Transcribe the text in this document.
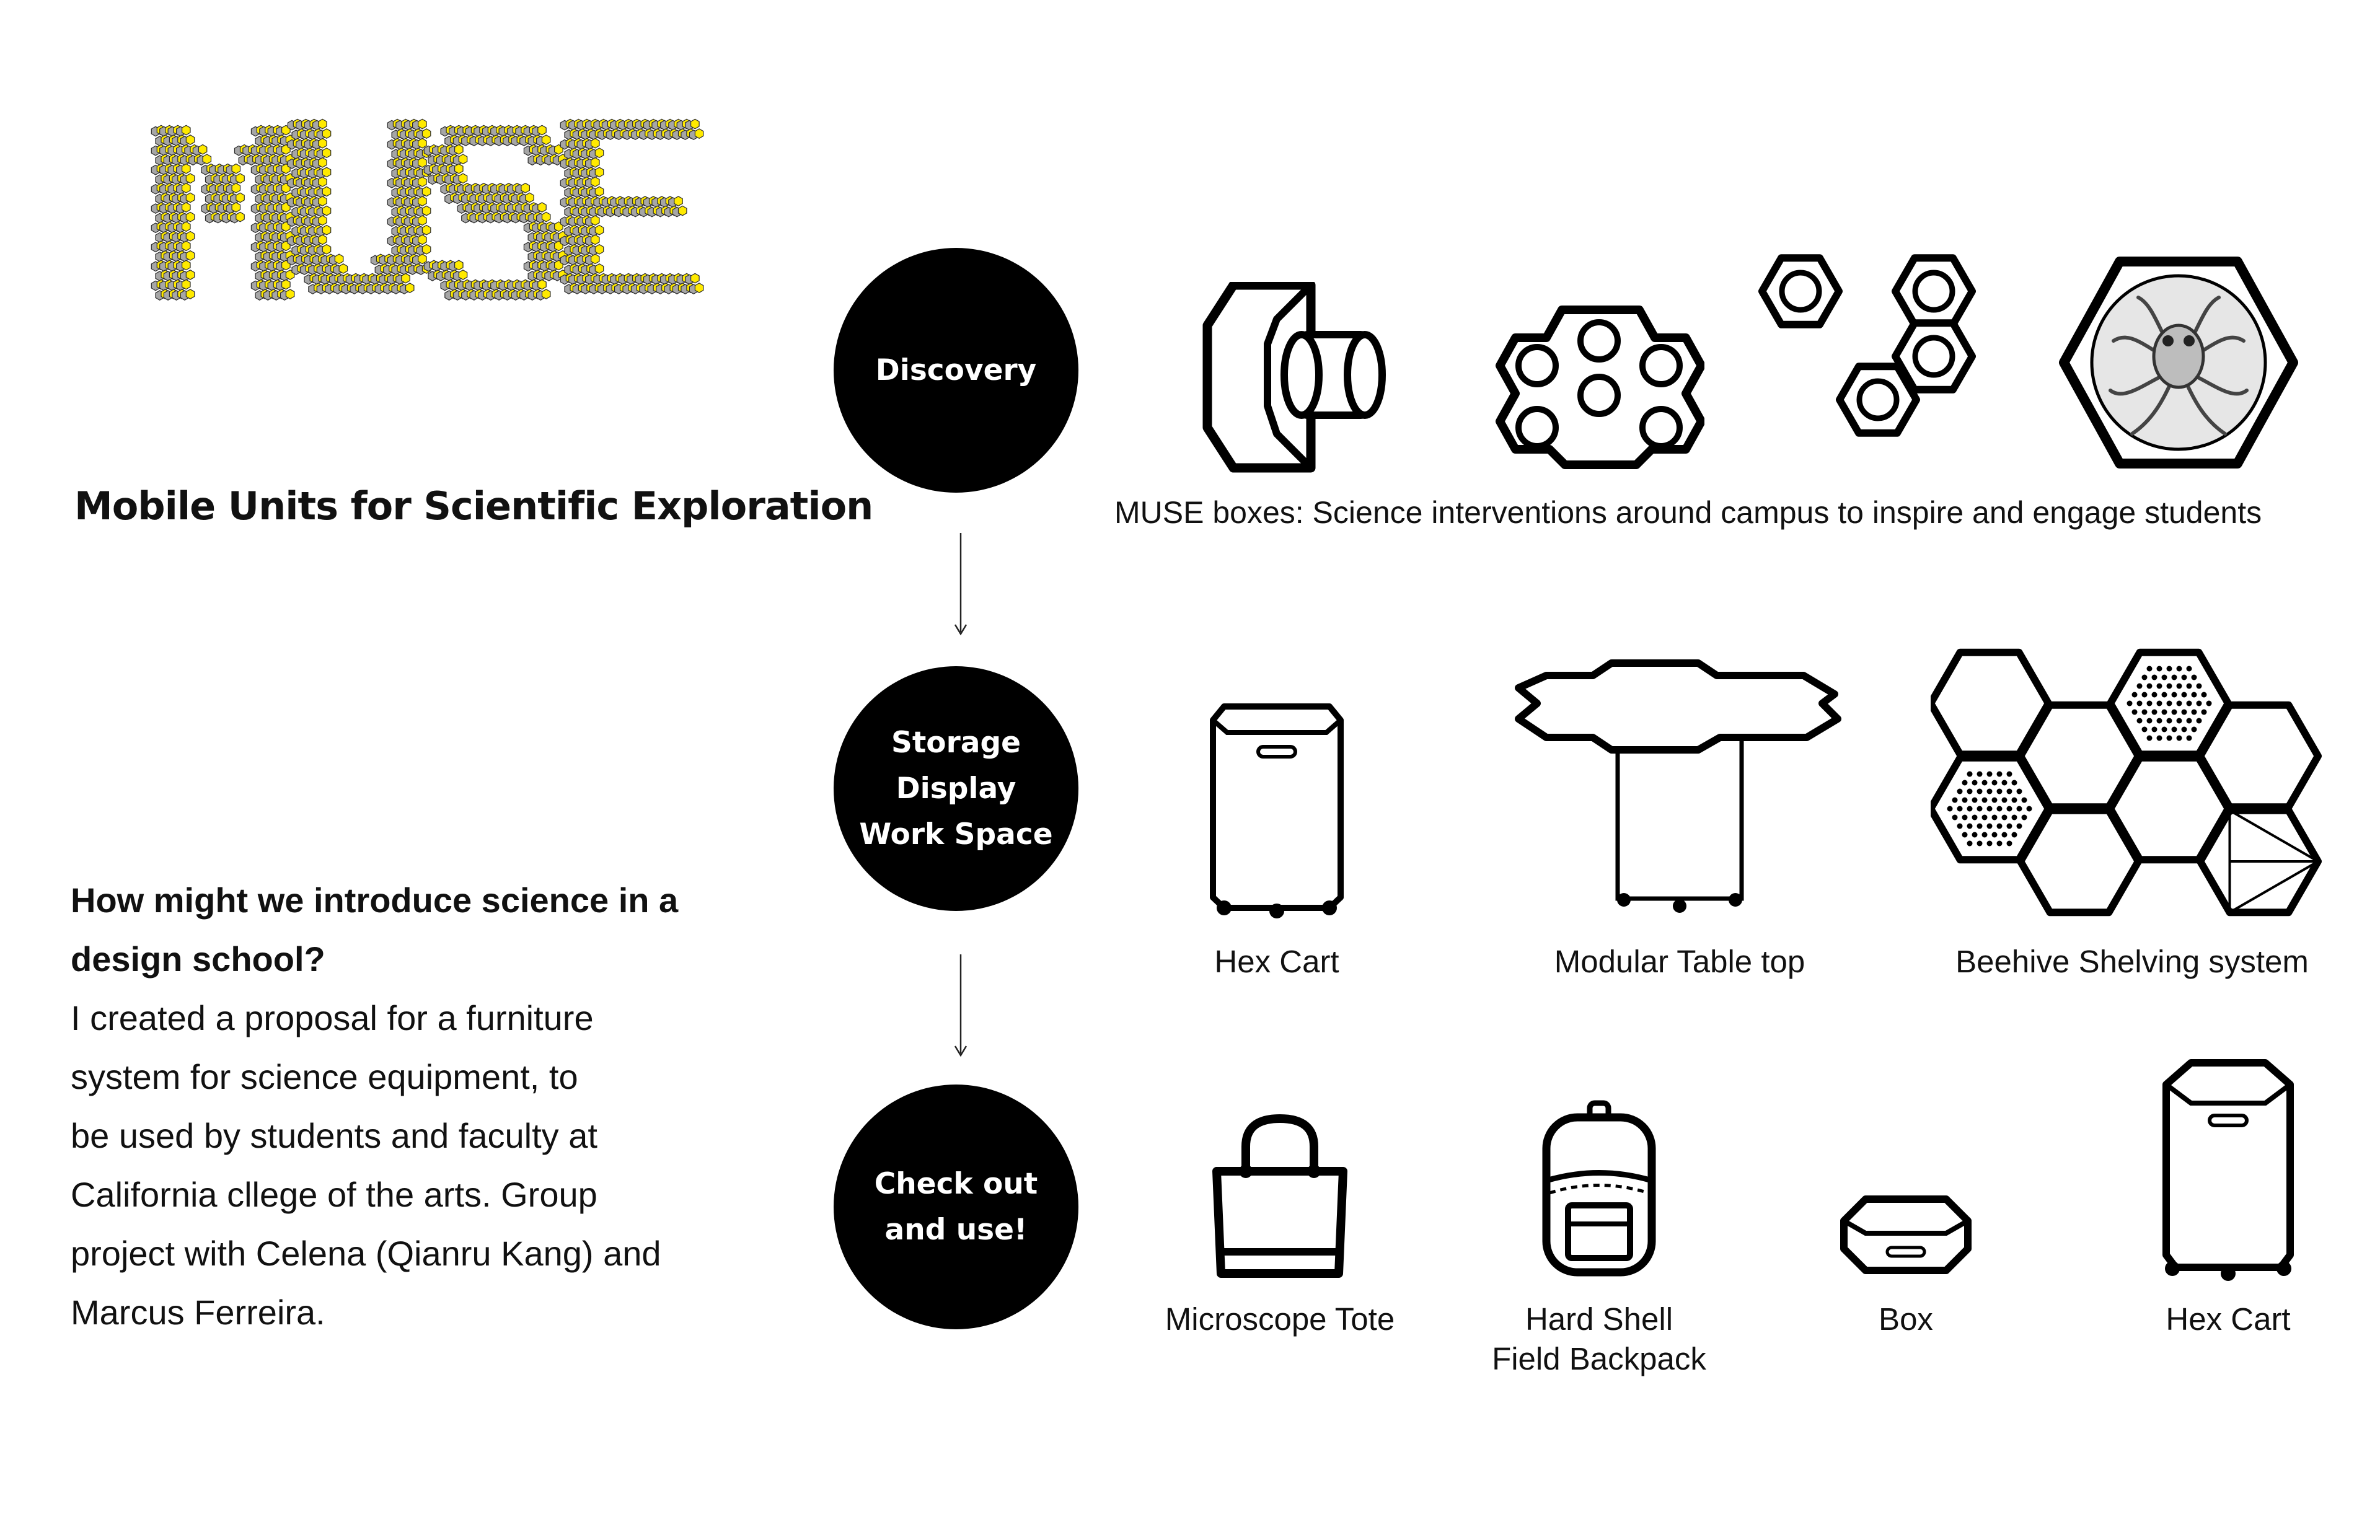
Mobile Units for Scientific Exploration
Discovery
Storage
Display
Work Space
Check out
and use!
MUSE boxes: Science interventions around campus to inspire and engage students
Hex Cart	Modular Table top	Beehive Shelving system
Microscope Tote	Hard Shell
Field Backpack
Box	Hex Cart
How might we introduce science in a
design school?
I created a proposal for a furniture
system for science equipment, to
be used by students and faculty at
California cllege of the arts. Group
project with Celena (Qianru Kang) and
Marcus Ferreira.
